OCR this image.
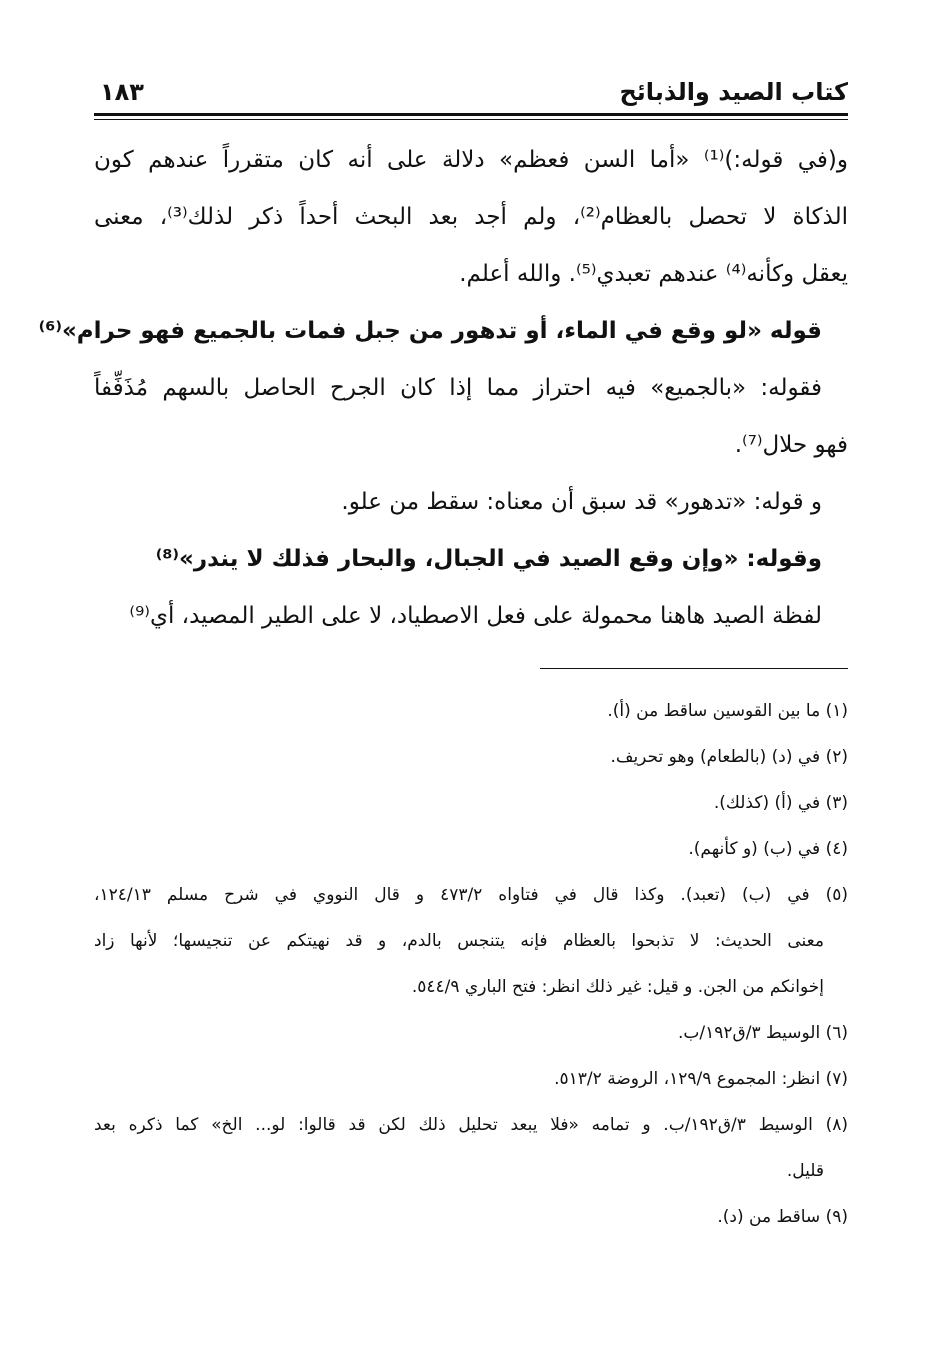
كتاب الصيد والذبائح
١٨٣
و(في قوله:)⁽¹⁾ «أما السن فعظم» دلالة على أنه كان متقرراً عندهم كون
الذكاة لا تحصل بالعظام⁽²⁾، ولم أجد بعد البحث أحداً ذكر لذلك⁽³⁾، معنى
يعقل وكأنه⁽⁴⁾ عندهم تعبدي⁽⁵⁾. والله أعلم.
قوله «لو وقع في الماء، أو تدهور من جبل فمات بالجميع فهو حرام»⁽⁶⁾
فقوله: «بالجميع» فيه احتراز مما إذا كان الجرح الحاصل بالسهم مُذَفِّفاً
فهو حلال⁽⁷⁾.
و قوله: «تدهور» قد سبق أن معناه: سقط من علو.
وقوله: «وإن وقع الصيد في الجبال، والبحار فذلك لا يندر»⁽⁸⁾
لفظة الصيد هاهنا محمولة على فعل الاصطياد، لا على الطير المصيد، أي⁽⁹⁾
(١) ما بين القوسين ساقط من (أ).
(٢) في (د) (بالطعام) وهو تحريف.
(٣) في (أ) (كذلك).
(٤) في (ب) (و كأنهم).
(٥) في (ب) (تعبد). وكذا قال في فتاواه ٤٧٣/٢ و قال النووي في شرح مسلم ١٢٤/١٣،
معنى الحديث: لا تذبحوا بالعظام فإنه يتنجس بالدم، و قد نهيتكم عن تنجيسها؛ لأنها زاد
إخوانكم من الجن. و قيل: غير ذلك انظر: فتح الباري ٥٤٤/٩.
(٦) الوسيط ٣/ق١٩٢/ب.
(٧) انظر: المجموع ١٢٩/٩، الروضة ٥١٣/٢.
(٨) الوسيط ٣/ق١٩٢/ب. و تمامه «فلا يبعد تحليل ذلك لكن قد قالوا: لو... الخ» كما ذكره بعد
قليل.
(٩) ساقط من (د).
